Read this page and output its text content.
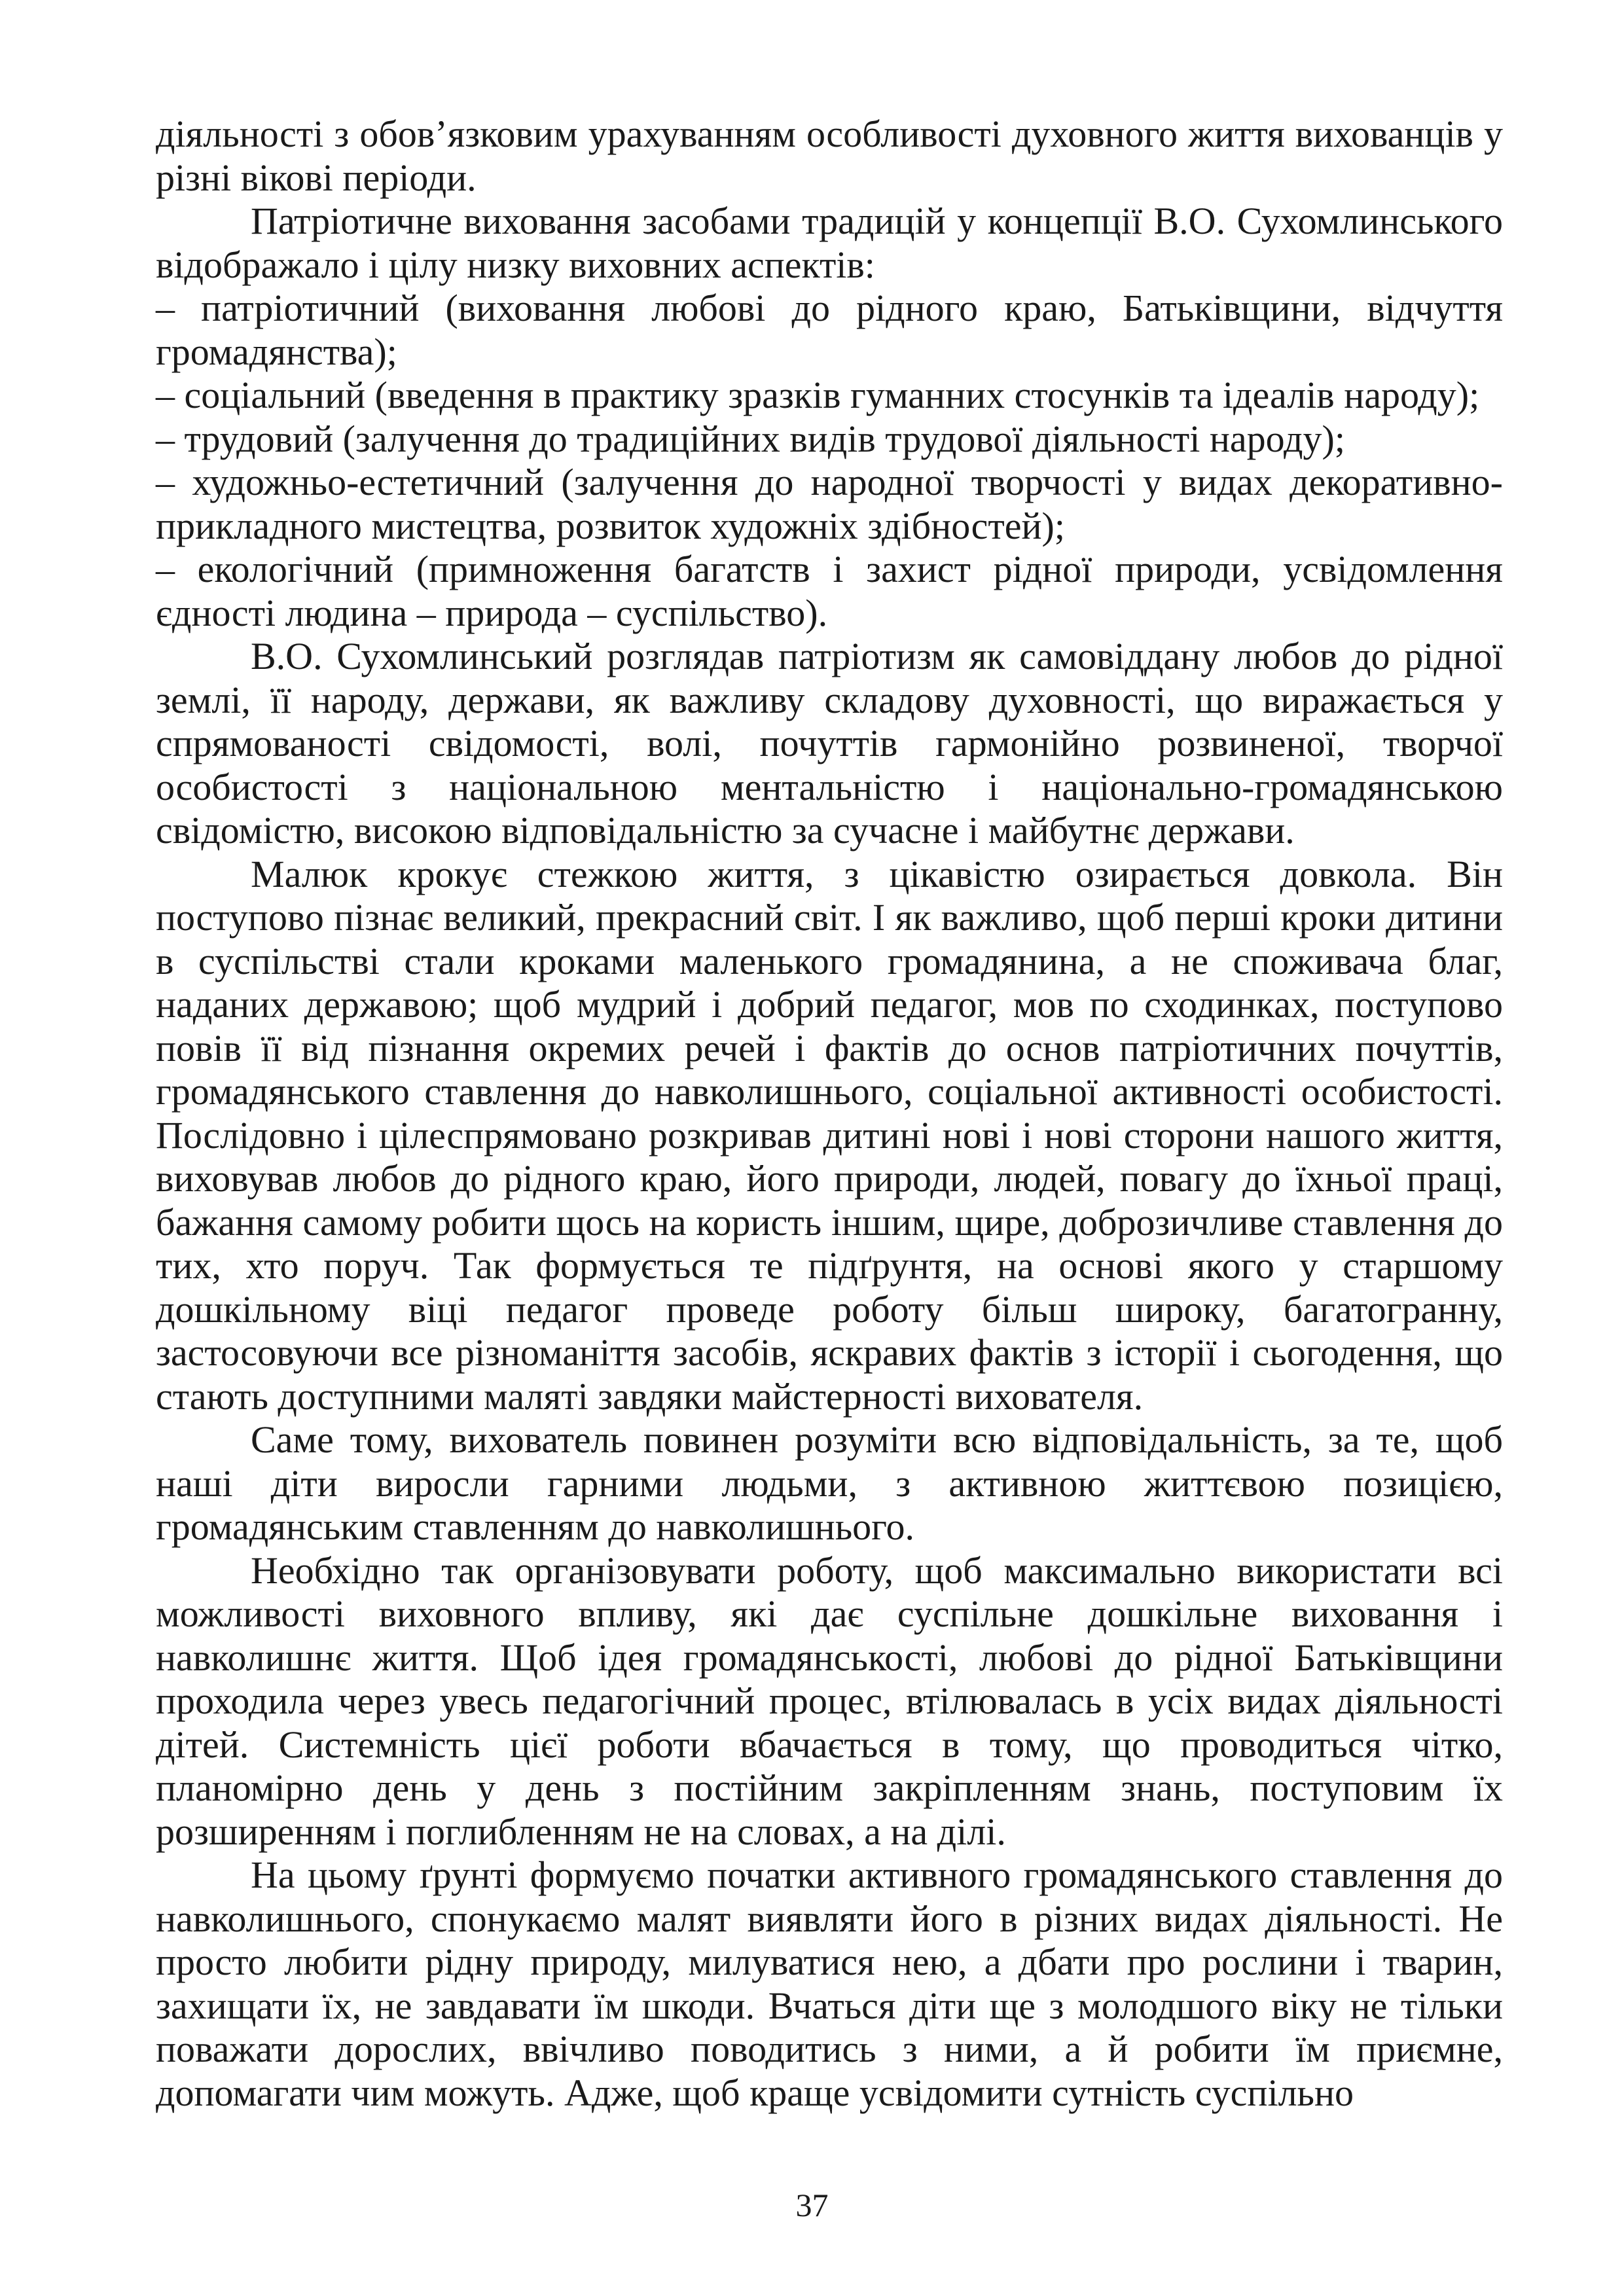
діяльності з обов’язковим урахуванням особливості духовного життя вихованців у різні вікові періоди.

Патріотичне виховання засобами традицій у концепції В.О. Сухомлинського відображало і цілу низку виховних аспектів:

– патріотичний (виховання любові до рідного краю, Батьківщини, відчуття громадянства);

– соціальний (введення в практику зразків гуманних стосунків та ідеалів народу);

– трудовий (залучення до традиційних видів трудової діяльності народу);

– художньо-естетичний (залучення до народної творчості у видах декоративно-прикладного мистецтва, розвиток художніх здібностей);

– екологічний (примноження багатств і захист рідної природи, усвідомлення єдності людина – природа – суспільство).

В.О. Сухомлинський розглядав патріотизм як самовіддану любов до рідної землі, її народу, держави, як важливу складову духовності, що виражається у спрямованості свідомості, волі, почуттів гармонійно розвиненої, творчої особистості з національною ментальністю і національно-громадянською свідомістю, високою відповідальністю за сучасне і майбутнє держави.

Малюк крокує стежкою життя, з цікавістю озирається довкола. Він поступово пізнає великий, прекрасний світ. І як важливо, щоб перші кроки дитини в суспільстві стали кроками маленького громадянина, а не споживача благ, наданих державою; щоб мудрий і добрий педагог, мов по сходинках, поступово повів її від пізнання окремих речей і фактів до основ патріотичних почуттів, громадянського ставлення до навколишнього, соціальної активності особистості. Послідовно і цілеспрямовано розкривав дитині нові і нові сторони нашого життя, виховував любов до рідного краю, його природи, людей, повагу до їхньої праці, бажання самому робити щось на користь іншим, щире, доброзичливе ставлення до тих, хто поруч. Так формується те підґрунтя, на основі якого у старшому дошкільному віці педагог проведе роботу більш широку, багатогранну, застосовуючи все різноманіття засобів, яскравих фактів з історії і сьогодення, що стають доступними маляті завдяки майстерності вихователя.

Саме тому, вихователь повинен розуміти всю відповідальність, за те, щоб наші діти виросли гарними людьми, з активною життєвою позицією, громадянським ставленням до навколишнього.

Необхідно так організовувати роботу, щоб максимально використати всі можливості виховного впливу, які дає суспільне дошкільне виховання і навколишнє життя. Щоб ідея громадянськості, любові до рідної Батьківщини проходила через увесь педагогічний процес, втілювалась в усіх видах діяльності дітей. Системність цієї роботи вбачається в тому, що проводиться чітко, планомірно день у день з постійним закріпленням знань, поступовим їх розширенням і поглибленням не на словах, а на ділі.

На цьому ґрунті формуємо початки активного громадянського ставлення до навколишнього, спонукаємо малят виявляти його в різних видах діяльності. Не просто любити рідну природу, милуватися нею, а дбати про рослини і тварин, захищати їх, не завдавати їм шкоди. Вчаться діти ще з молодшого віку не тільки поважати дорослих, ввічливо поводитись з ними, а й робити їм приємне, допомагати чим можуть. Адже, щоб краще усвідомити сутність суспільно

37
